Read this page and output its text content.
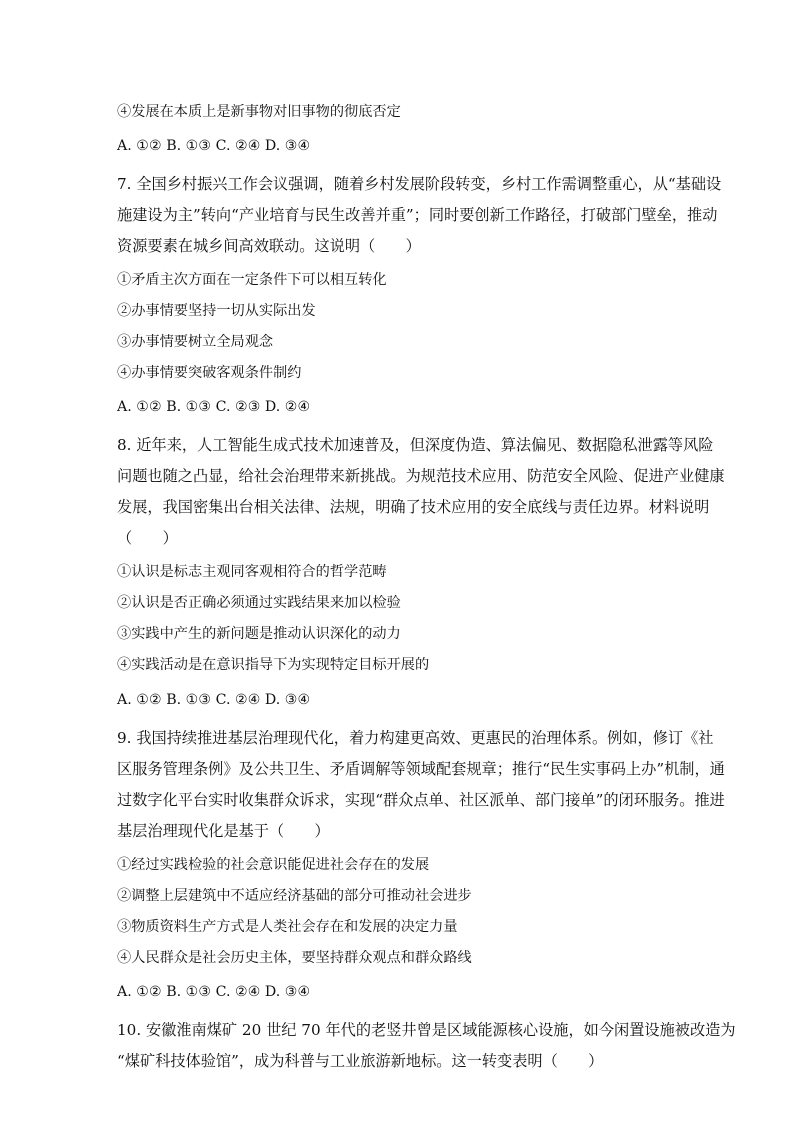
④发展在本质上是新事物对旧事物的彻底否定

A. ①② B. ①③ C. ②④ D. ③④

7. 全国乡村振兴工作会议强调，随着乡村发展阶段转变，乡村工作需调整重心，从“基础设

施建设为主”转向“产业培育与民生改善并重”；同时要创新工作路径，打破部门壁垒，推动

资源要素在城乡间高效联动。这说明（　　）

①矛盾主次方面在一定条件下可以相互转化

②办事情要坚持一切从实际出发

③办事情要树立全局观念

④办事情要突破客观条件制约

A. ①② B. ①③ C. ②③ D. ②④

8. 近年来，人工智能生成式技术加速普及，但深度伪造、算法偏见、数据隐私泄露等风险

问题也随之凸显，给社会治理带来新挑战。为规范技术应用、防范安全风险、促进产业健康

发展，我国密集出台相关法律、法规，明确了技术应用的安全底线与责任边界。材料说明

（　　）

①认识是标志主观同客观相符合的哲学范畴

②认识是否正确必须通过实践结果来加以检验

③实践中产生的新问题是推动认识深化的动力

④实践活动是在意识指导下为实现特定目标开展的

A. ①② B. ①③ C. ②④ D. ③④

9. 我国持续推进基层治理现代化，着力构建更高效、更惠民的治理体系。例如，修订《社

区服务管理条例》及公共卫生、矛盾调解等领域配套规章；推行“民生实事码上办”机制，通

过数字化平台实时收集群众诉求，实现“群众点单、社区派单、部门接单”的闭环服务。推进

基层治理现代化是基于（　　）

①经过实践检验的社会意识能促进社会存在的发展

②调整上层建筑中不适应经济基础的部分可推动社会进步

③物质资料生产方式是人类社会存在和发展的决定力量

④人民群众是社会历史主体，要坚持群众观点和群众路线

A. ①② B. ①③ C. ②④ D. ③④

10. 安徽淮南煤矿 20 世纪 70 年代的老竖井曾是区域能源核心设施，如今闲置设施被改造为

“煤矿科技体验馆”，成为科普与工业旅游新地标。这一转变表明（　　）
